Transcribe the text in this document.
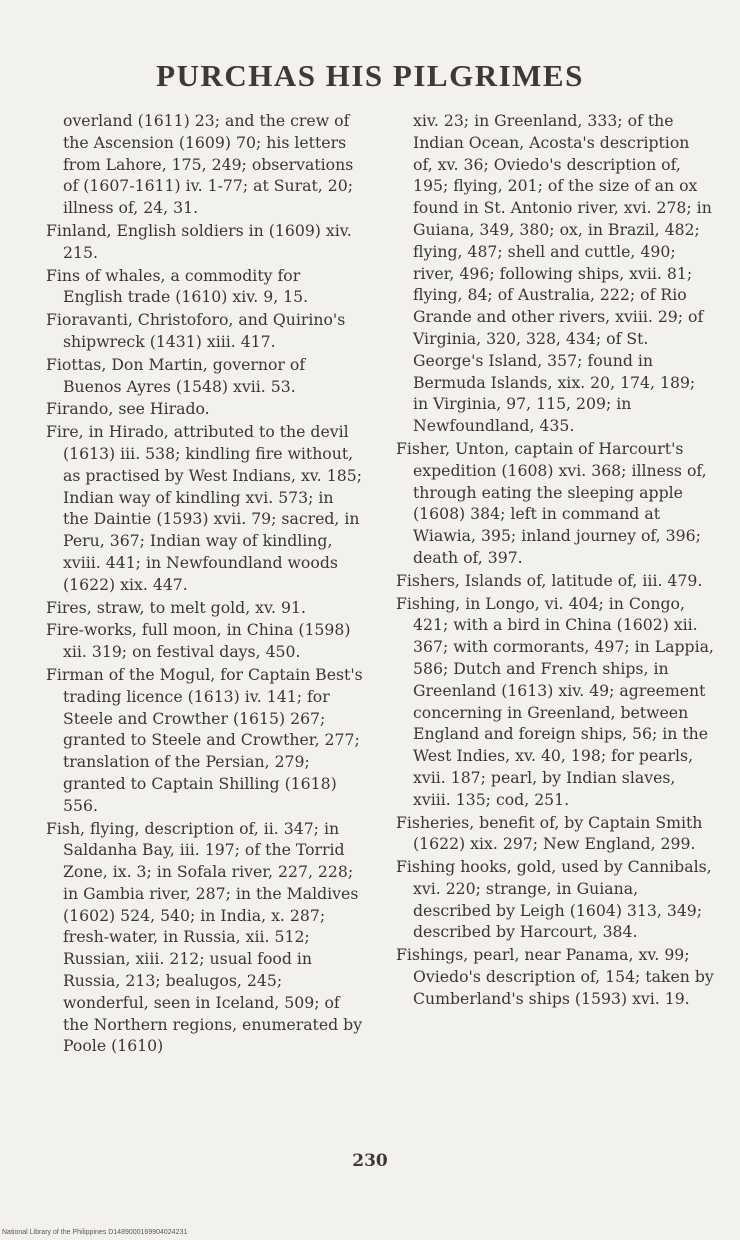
PURCHAS HIS PILGRIMES

overland (1611) 23; and the crew of the Ascension (1609) 70; his letters from Lahore, 175, 249; observations of (1607-1611) iv. 1-77; at Surat, 20; illness of, 24, 31.

Finland, English soldiers in (1609) xiv. 215.

Fins of whales, a commodity for English trade (1610) xiv. 9, 15.

Fioravanti, Christoforo, and Quirino's shipwreck (1431) xiii. 417.

Fiottas, Don Martin, governor of Buenos Ayres (1548) xvii. 53.

Firando, see Hirado.

Fire, in Hirado, attributed to the devil (1613) iii. 538; kindling fire without, as practised by West Indians, xv. 185; Indian way of kindling xvi. 573; in the Daintie (1593) xvii. 79; sacred, in Peru, 367; Indian way of kindling, xviii. 441; in Newfoundland woods (1622) xix. 447.

Fires, straw, to melt gold, xv. 91.

Fire-works, full moon, in China (1598) xii. 319; on festival days, 450.

Firman of the Mogul, for Captain Best's trading licence (1613) iv. 141; for Steele and Crowther (1615) 267; granted to Steele and Crowther, 277; translation of the Persian, 279; granted to Captain Shilling (1618) 556.

Fish, flying, description of, ii. 347; in Saldanha Bay, iii. 197; of the Torrid Zone, ix. 3; in Sofala river, 227, 228; in Gambia river, 287; in the Maldives (1602) 524, 540; in India, x. 287; fresh-water, in Russia, xii. 512; Russian, xiii. 212; usual food in Russia, 213; bealugos, 245; wonderful, seen in Iceland, 509; of the Northern regions, enumerated by Poole (1610)

xiv. 23; in Greenland, 333; of the Indian Ocean, Acosta's description of, xv. 36; Oviedo's description of, 195; flying, 201; of the size of an ox found in St. Antonio river, xvi. 278; in Guiana, 349, 380; ox, in Brazil, 482; flying, 487; shell and cuttle, 490; river, 496; following ships, xvii. 81; flying, 84; of Australia, 222; of Rio Grande and other rivers, xviii. 29; of Virginia, 320, 328, 434; of St. George's Island, 357; found in Bermuda Islands, xix. 20, 174, 189; in Virginia, 97, 115, 209; in Newfoundland, 435.

Fisher, Unton, captain of Harcourt's expedition (1608) xvi. 368; illness of, through eating the sleeping apple (1608) 384; left in command at Wiawia, 395; inland journey of, 396; death of, 397.

Fishers, Islands of, latitude of, iii. 479.

Fishing, in Longo, vi. 404; in Congo, 421; with a bird in China (1602) xii. 367; with cormorants, 497; in Lappia, 586; Dutch and French ships, in Greenland (1613) xiv. 49; agreement concerning in Greenland, between England and foreign ships, 56; in the West Indies, xv. 40, 198; for pearls, xvii. 187; pearl, by Indian slaves, xviii. 135; cod, 251.

Fisheries, benefit of, by Captain Smith (1622) xix. 297; New England, 299.

Fishing hooks, gold, used by Cannibals, xvi. 220; strange, in Guiana, described by Leigh (1604) 313, 349; described by Harcourt, 384.

Fishings, pearl, near Panama, xv. 99; Oviedo's description of, 154; taken by Cumberland's ships (1593) xvi. 19.

230
National Library of the Philippines D1489000169904024231
